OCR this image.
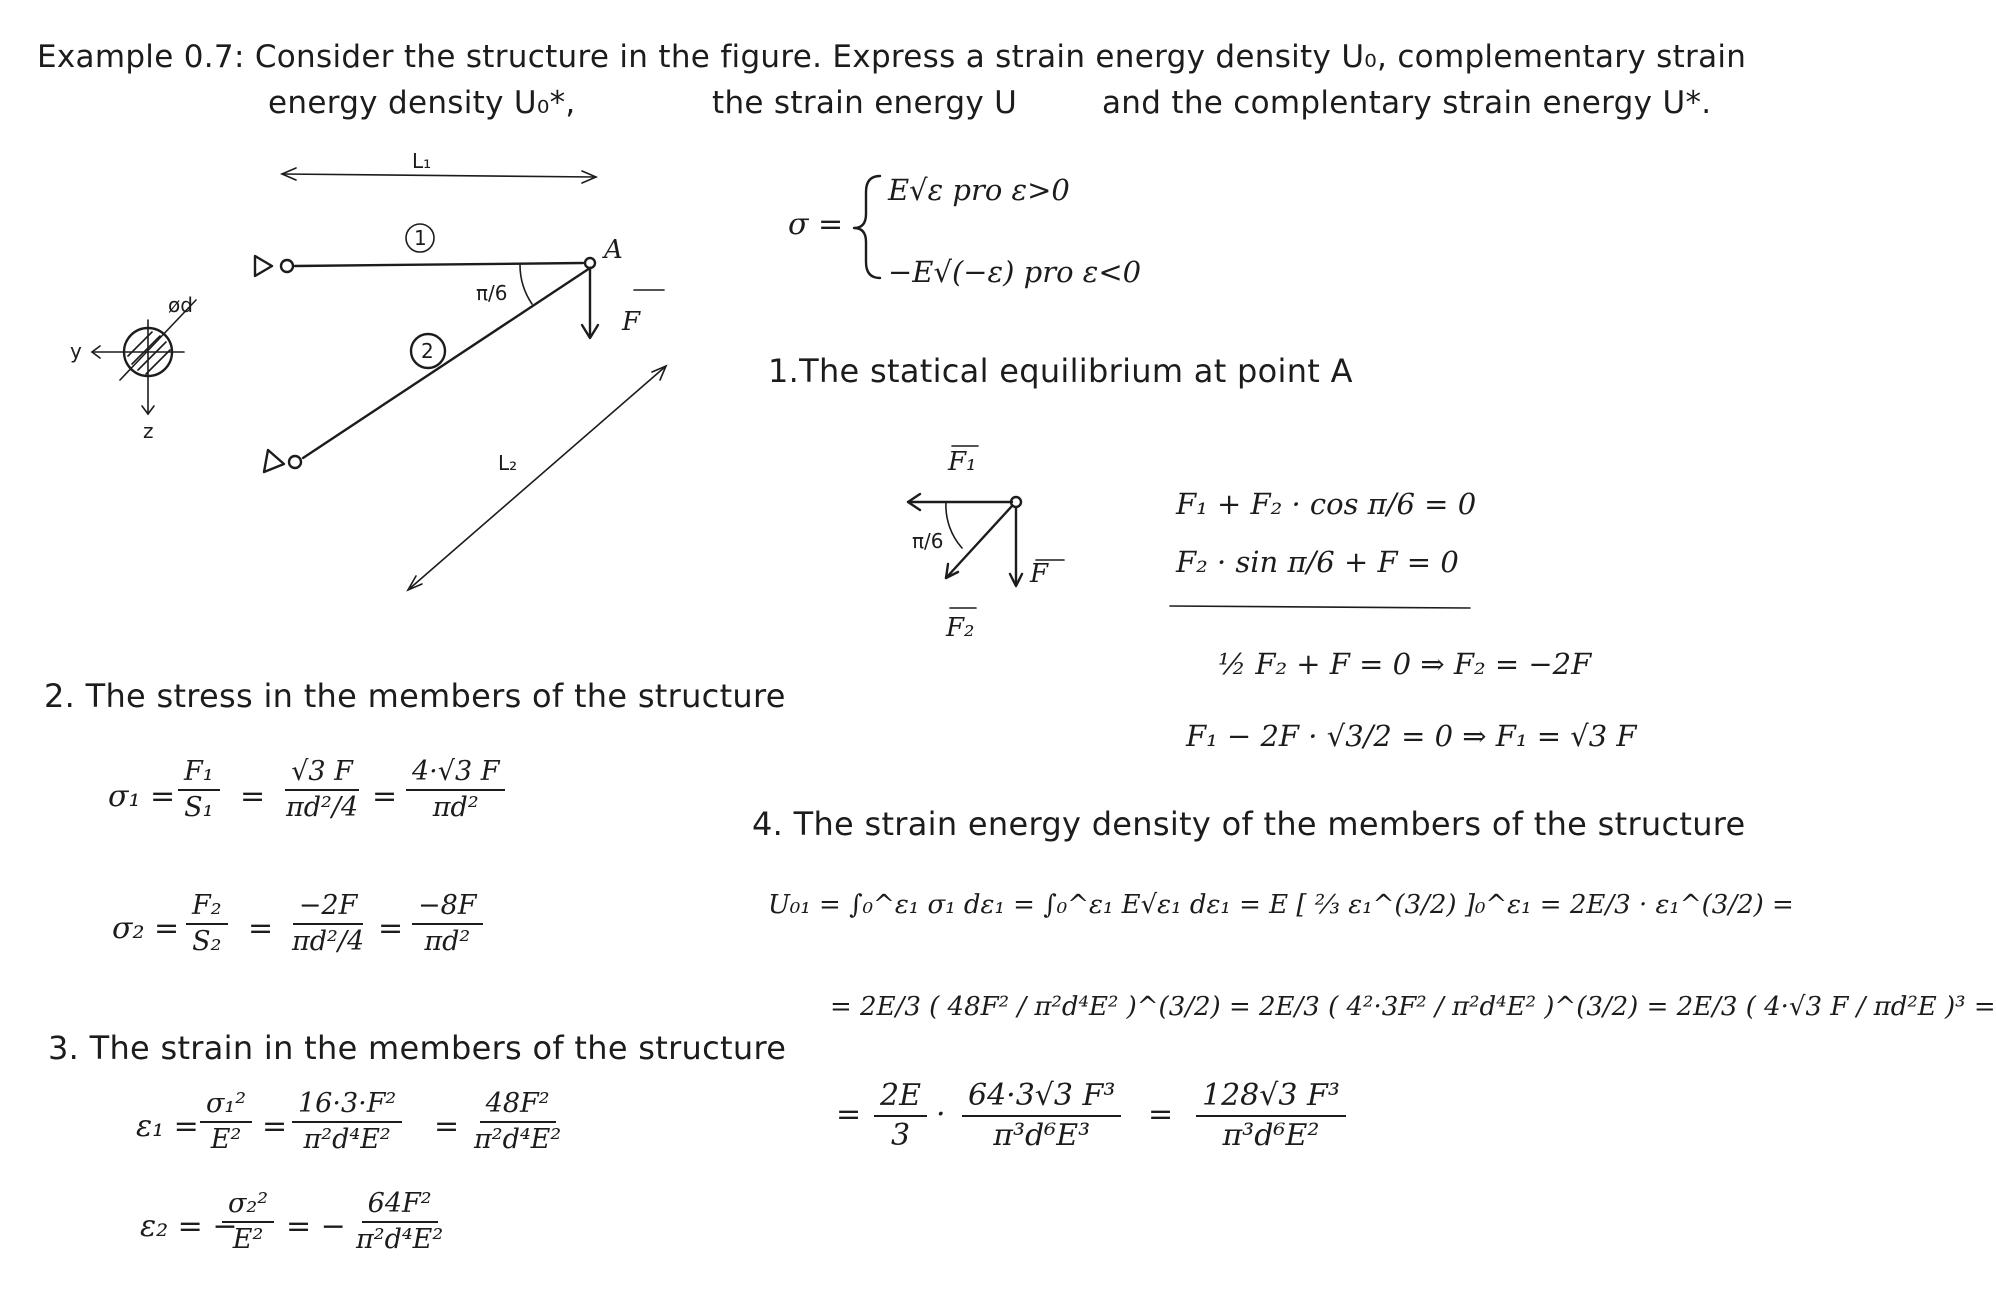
Example 0.7: Consider the structure in the figure. Express a strain energy density U₀, complementary strain
energy density U₀*,	the strain energy U	and the complentary strain energy U*.
L₁
1	A
2
π/6
F
L₂
y
z
ød
F₁
F₂
F
π/6
σ =
E√ε pro ε>0
−E√(−ε) pro ε<0
1.The statical equilibrium at point A
F₁ + F₂ · cos π/6 = 0
F₂ · sin π/6 + F = 0
½ F₂ + F = 0 ⇒ F₂ = −2F
F₁ − 2F · √3/2 = 0 ⇒ F₁ = √3 F
2. The stress in the members of the structure
$\sigma_1 = \frac{\text{F₁}}{\text{S₁}} = \frac{√3 F}{\text{πd²/4}} = \frac{4\cdot√3 F}{\text{πd²}}$
$\sigma_2 = \frac{\text{F₂}}{\text{S₂}} = \frac{-2F}{\text{πd²/4}} = \frac{-8F}{\text{πd²}}$
3. The strain in the members of the structure
$\varepsilon_1 = \frac{\text{σ₁²}}{\text{E²}} = \frac{\text{16·3·F²}}{\text{π²d⁴E²}} = \frac{\text{48F²}}{\text{π²d⁴E²}}$
ε₂ = −
$\frac{\text{σ₂²}}{\text{E²}}$ = − $\frac{\text{64F²}}{\text{π²d⁴E²}}$
4. The strain energy density of the members of the structure
U₀₁ = ∫₀^ε₁ σ₁ dε₁ = ∫₀^ε₁ E√ε₁ dε₁ = E [ ⅔ ε₁^(3/2) ]₀^ε₁ = 2E/3 · ε₁^(3/2) =
= 2E/3 ( 48F² / π²d⁴E² )^(3/2) = 2E/3 ( 4²·3F² / π²d⁴E² )^(3/2) = 2E/3 ( 4·√3 F / πd²E )³ =
= $\frac{2E}{3} \cdot \frac{\text{64·3√3 F³}}{\text{π³d⁶E³}} = \frac{\text{128√3 F³}}{\text{π³d⁶E²}}$
